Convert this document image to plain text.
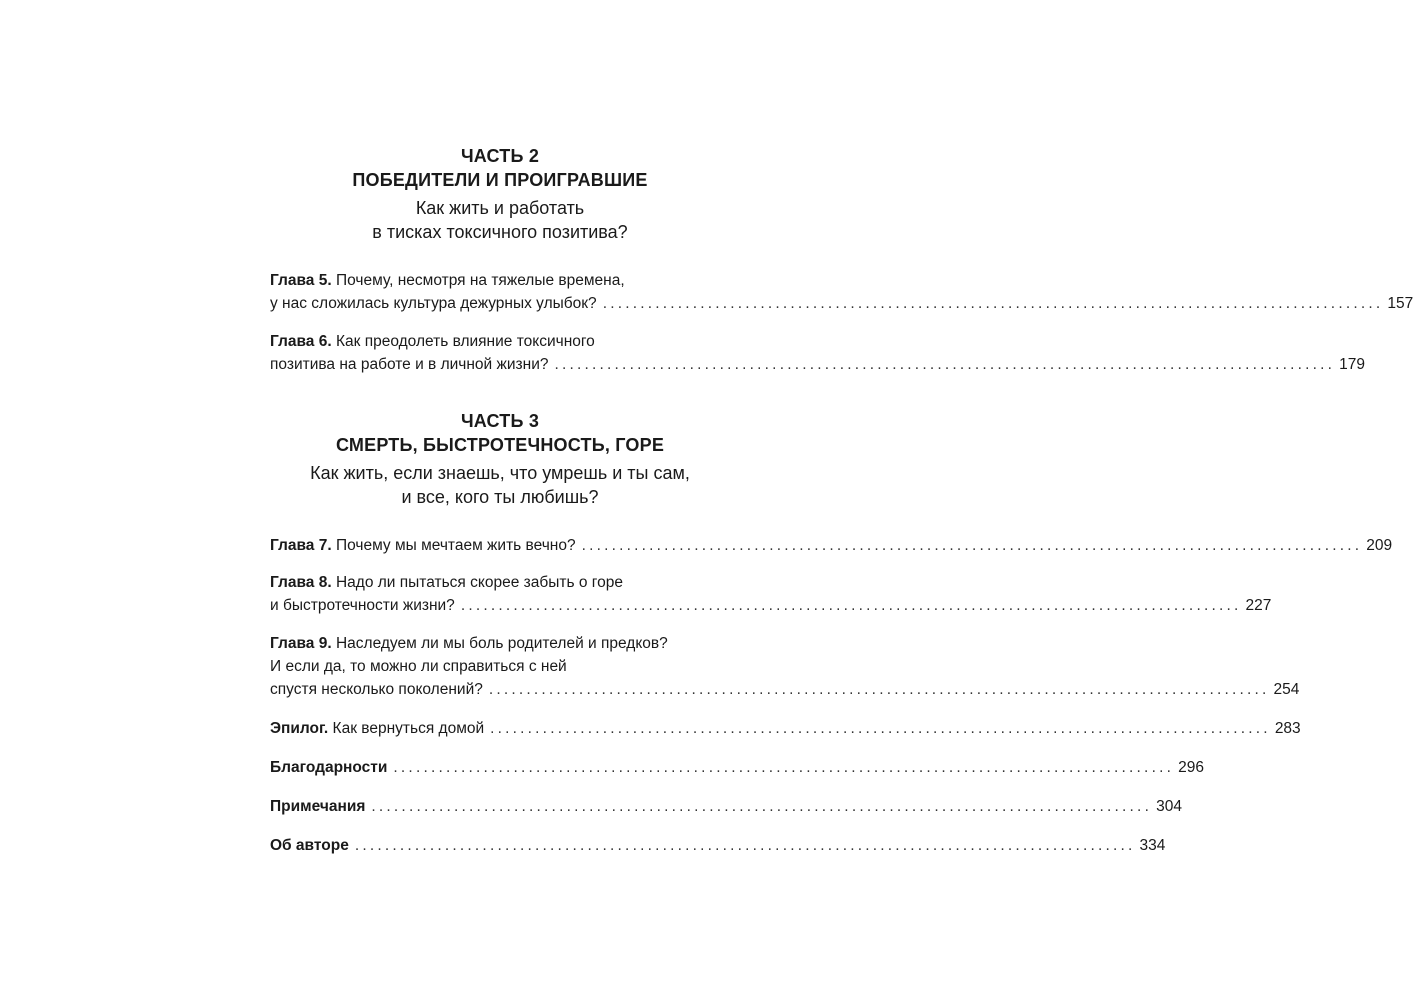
ЧАСТЬ 2
ПОБЕДИТЕЛИ И ПРОИГРАВШИЕ
Как жить и работать
в тисках токсичного позитива?
Глава 5. Почему, несмотря на тяжелые времена,
у нас сложилась культура дежурных улыбок? ........................................................................................................ 157
Глава 6. Как преодолеть влияние токсичного
позитива на работе и в личной жизни? ........................................................................................................ 179
ЧАСТЬ 3
СМЕРТЬ, БЫСТРОТЕЧНОСТЬ, ГОРЕ
Как жить, если знаешь, что умрешь и ты сам,
и все, кого ты любишь?
Глава 7. Почему мы мечтаем жить вечно? ........................................................................................................ 209
Глава 8. Надо ли пытаться скорее забыть о горе
и быстротечности жизни? ........................................................................................................ 227
Глава 9. Наследуем ли мы боль родителей и предков?
И если да, то можно ли справиться с ней
спустя несколько поколений? ........................................................................................................ 254
Эпилог. Как вернуться домой ........................................................................................................ 283
Благодарности ........................................................................................................ 296
Примечания ........................................................................................................ 304
Об авторе ........................................................................................................ 334
